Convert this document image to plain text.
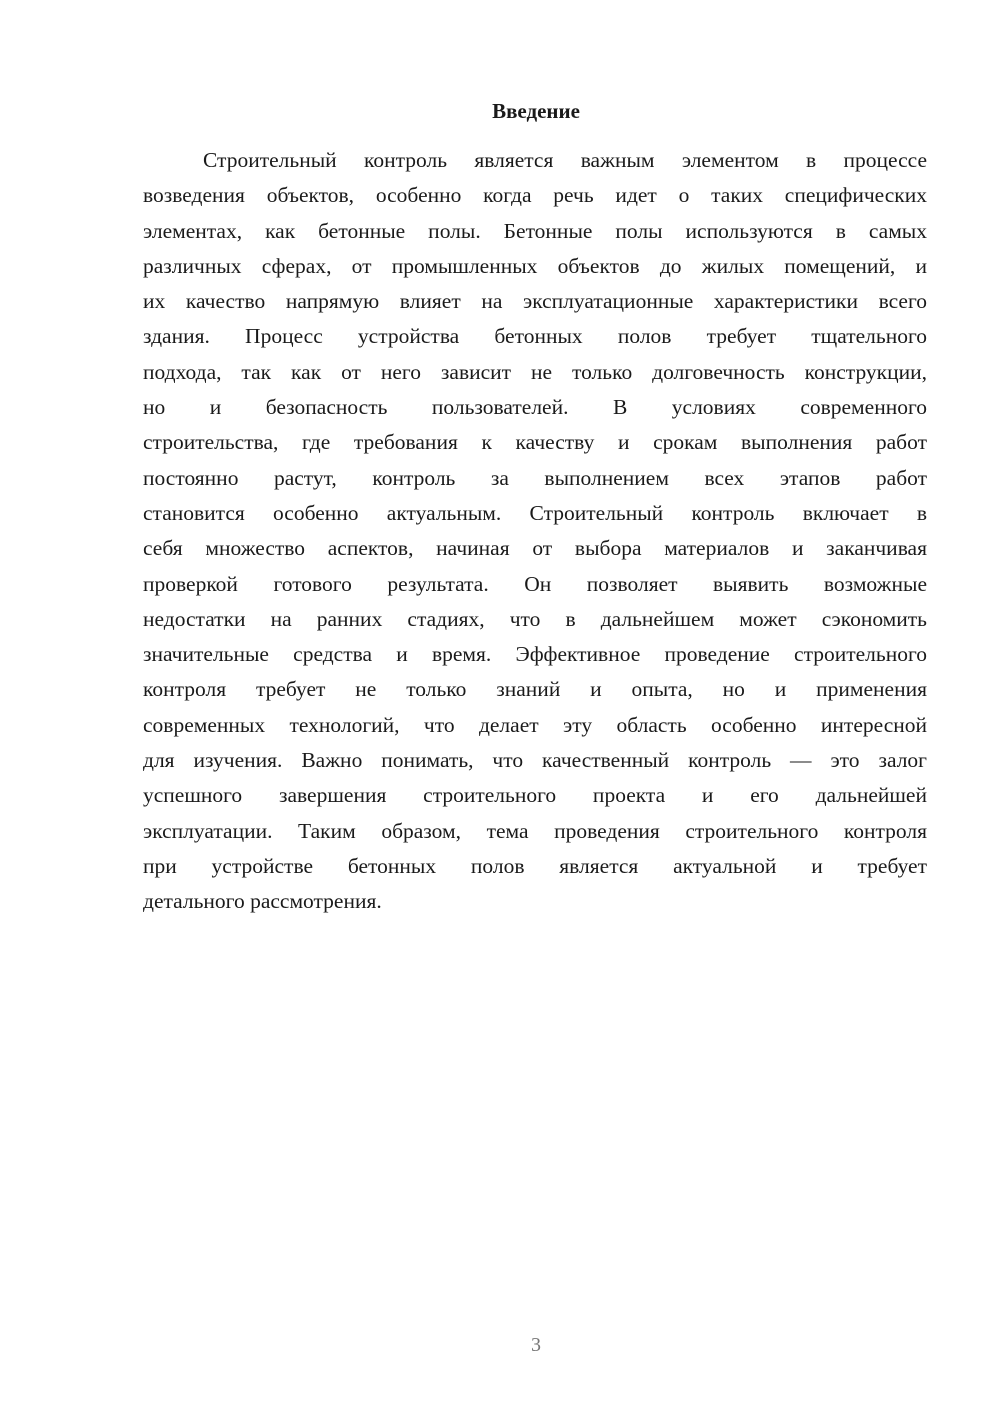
Введение
Строительный контроль является важным элементом в процессе
возведения объектов, особенно когда речь идет о таких специфических
элементах, как бетонные полы. Бетонные полы используются в самых
различных сферах, от промышленных объектов до жилых помещений, и
их качество напрямую влияет на эксплуатационные характеристики всего
здания. Процесс устройства бетонных полов требует тщательного
подхода, так как от него зависит не только долговечность конструкции,
но и безопасность пользователей. В условиях современного
строительства, где требования к качеству и срокам выполнения работ
постоянно растут, контроль за выполнением всех этапов работ
становится особенно актуальным. Строительный контроль включает в
себя множество аспектов, начиная от выбора материалов и заканчивая
проверкой готового результата. Он позволяет выявить возможные
недостатки на ранних стадиях, что в дальнейшем может сэкономить
значительные средства и время. Эффективное проведение строительного
контроля требует не только знаний и опыта, но и применения
современных технологий, что делает эту область особенно интересной
для изучения. Важно понимать, что качественный контроль — это залог
успешного завершения строительного проекта и его дальнейшей
эксплуатации. Таким образом, тема проведения строительного контроля
при устройстве бетонных полов является актуальной и требует
детального рассмотрения.
3
